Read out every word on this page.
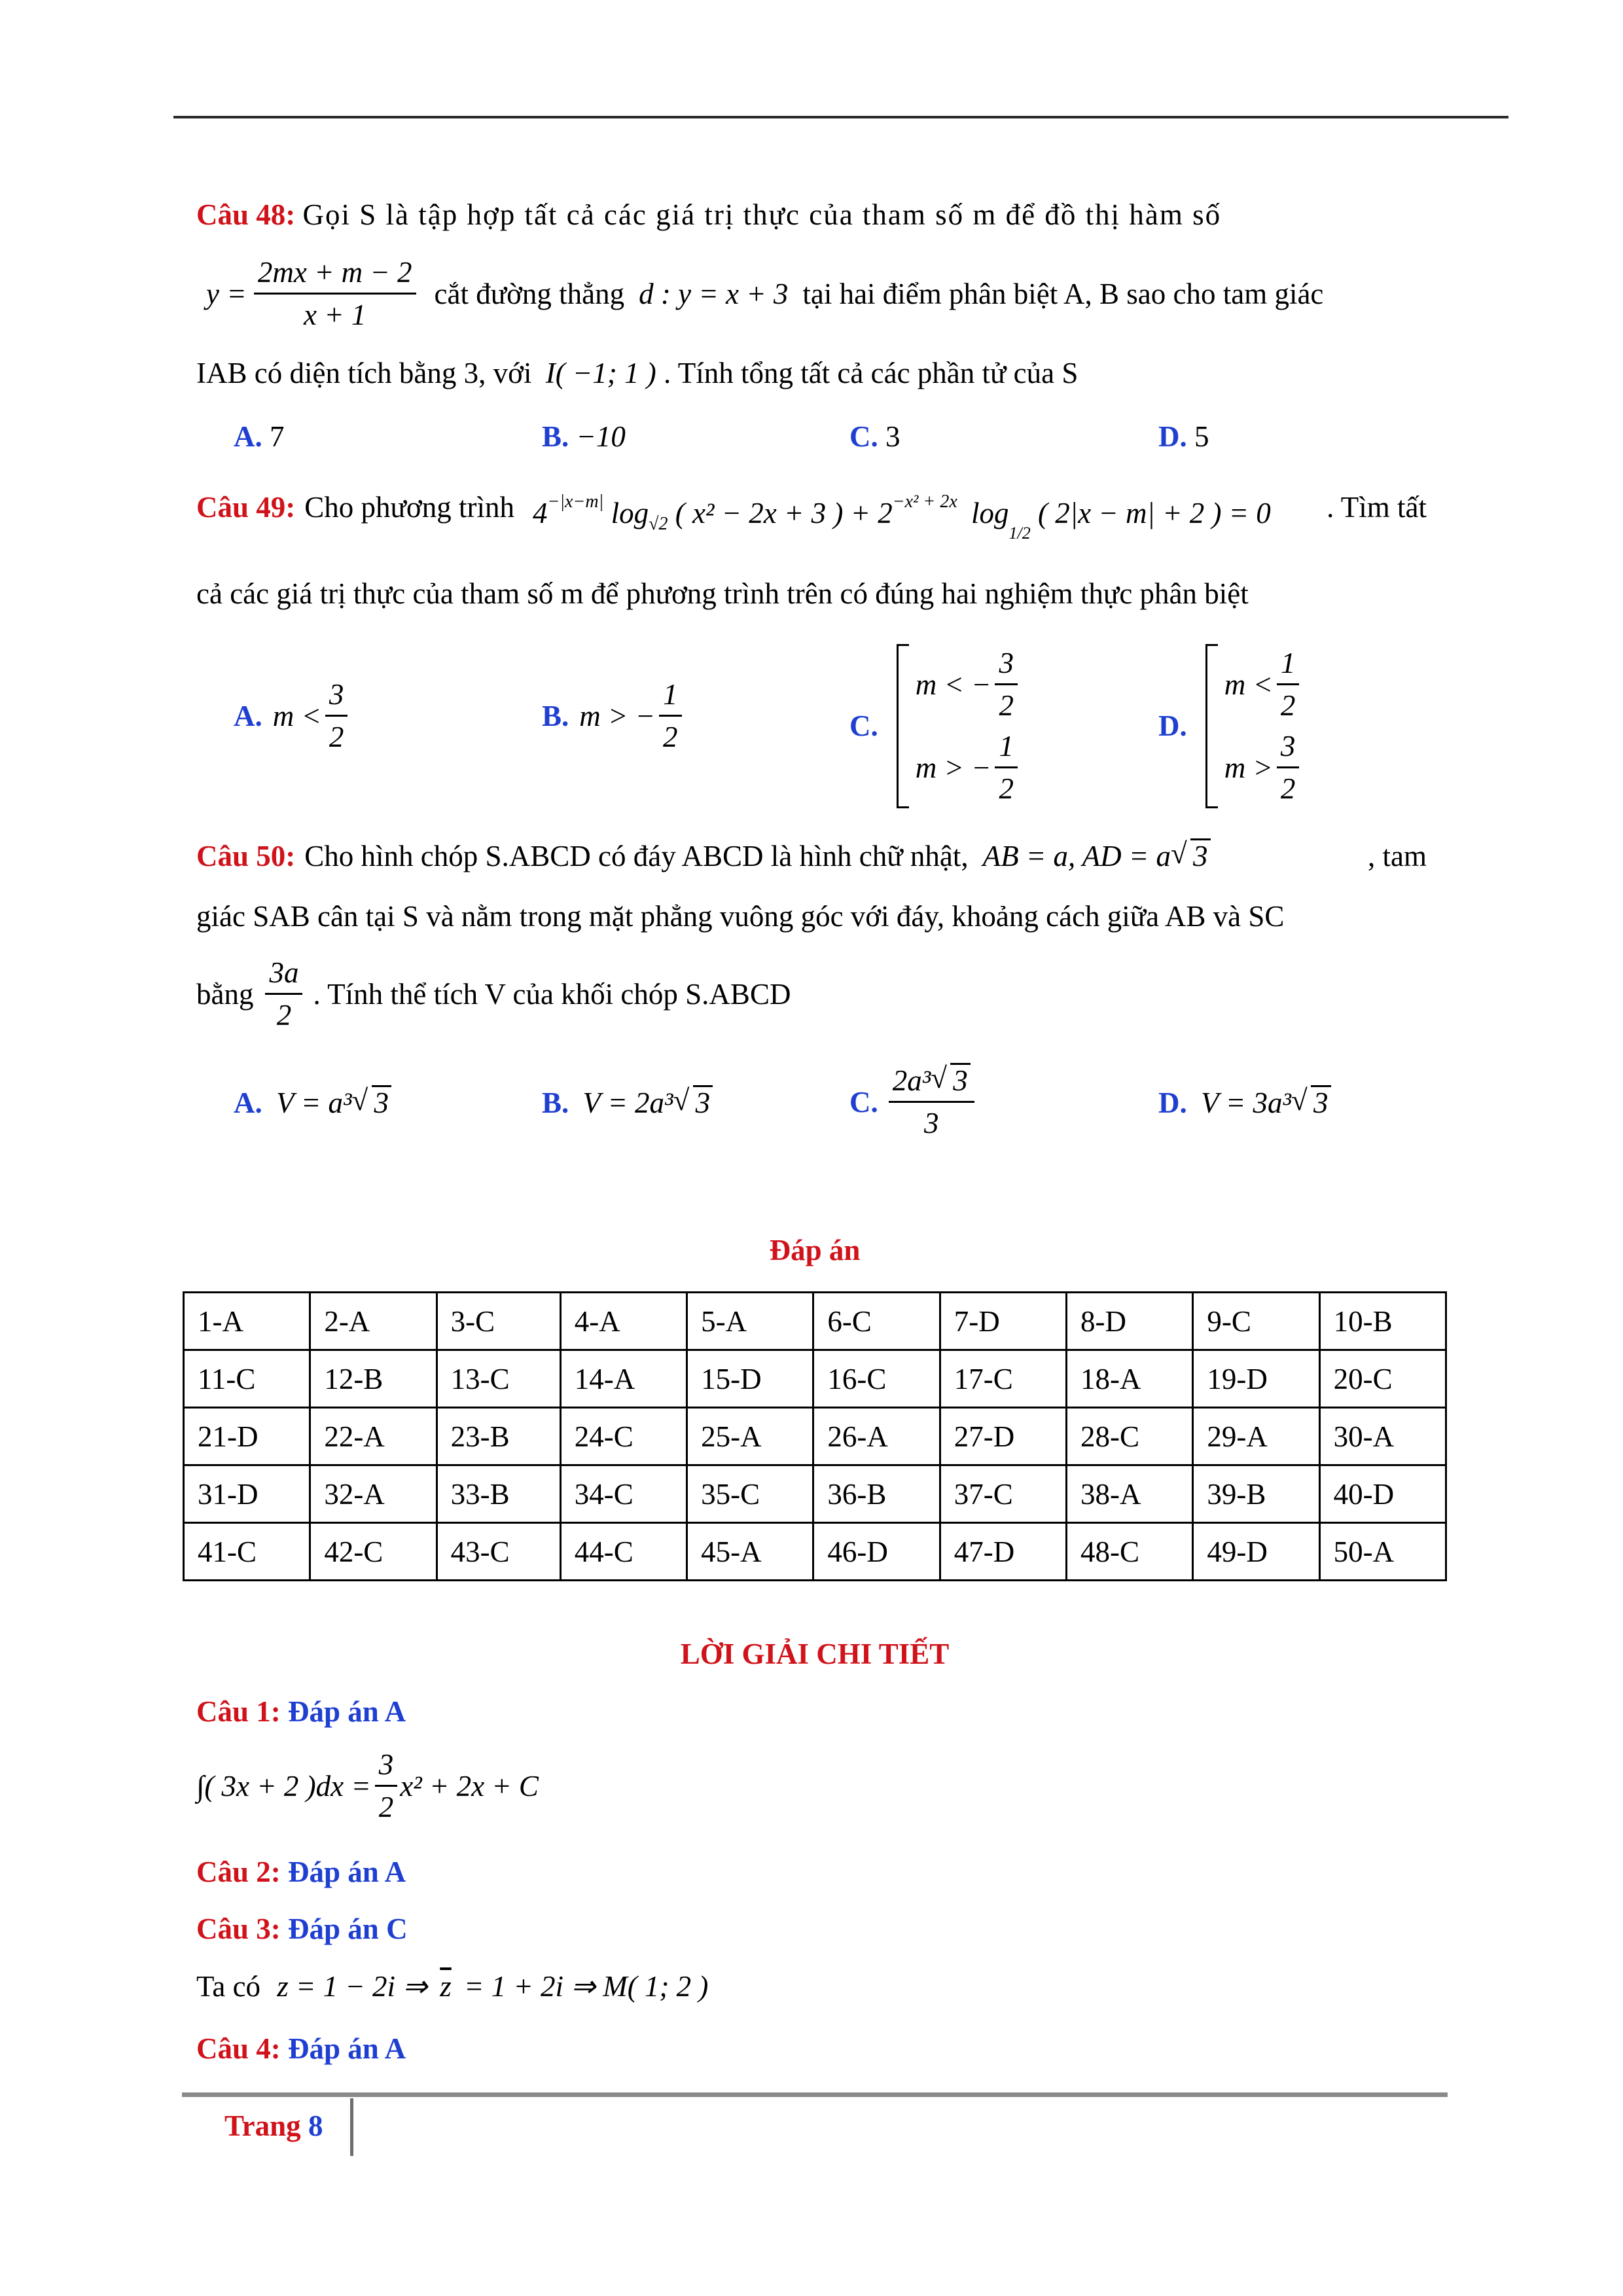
Câu 48: Gọi S là tập hợp tất cả các giá trị thực của tham số m để đồ thị hàm số
y =
$\frac{2mx + m - 2}{x + 1}$ cắt đường thẳng d : y = x + 3 tại hai điểm phân biệt A, B sao cho tam giác
IAB có diện tích bằng 3, với I( −1; 1 ) . Tính tổng tất cả các phần tử của S
A. 7	B. −10	C. 3	D. 5
Câu 49: Cho phương trình $4^{-|x-m|}$ $\log_{√2}$ ( x² − 2x + 3 ) + $2^{-x^2 + 2x}$ $\log_{1/2}$ ( 2|x − m| + 2 ) = 0 . Tìm tất
cả các giá trị thực của tham số m để phương trình trên có đúng hai nghiệm thực phân biệt
A. $m < \frac{3}{2}$	B. m > − $\frac{1}{2}$	C.
m < − $\frac{3}{2}$
m > − $\frac{1}{2}$	D.
$m < \frac{1}{2}$
$m > \frac{3}{2}$
Câu 50: Cho hình chóp S.ABCD có đáy ABCD là hình chữ nhật, AB = a, AD = a √ 3	, tam
giác SAB cân tại S và nằm trong mặt phẳng vuông góc với đáy, khoảng cách giữa AB và SC
bằng $\frac{3a}{2}$ . Tính thể tích V của khối chóp S.ABCD
A. V = a³ √ 3	B. V = 2a³ √ 3	C. $\frac{\text{2a³ √ 3}}{3}$	D. V = 3a³ √ 3
Đáp án
1-A	2-A	3-C	4-A	5-A	6-C	7-D	8-D	9-C	10-B
11-C	12-B	13-C	14-A	15-D	16-C	17-C	18-A	19-D	20-C
21-D	22-A	23-B	24-C	25-A	26-A	27-D	28-C	29-A	30-A
31-D	32-A	33-B	34-C	35-C	36-B	37-C	38-A	39-B	40-D
41-C	42-C	43-C	44-C	45-A	46-D	47-D	48-C	49-D	50-A
LỜI GIẢI CHI TIẾT
Câu 1: Đáp án A
∫( 3x + 2 )$dx = \frac{3}{2} x^2 + 2x + C$
Câu 2: Đáp án A
Câu 3: Đáp án C
Ta có z = 1 − 2i ⇒ $\overline{z} = 1 + 2i$ ⇒ M( 1; 2 )
Câu 4: Đáp án A
Trang 8
